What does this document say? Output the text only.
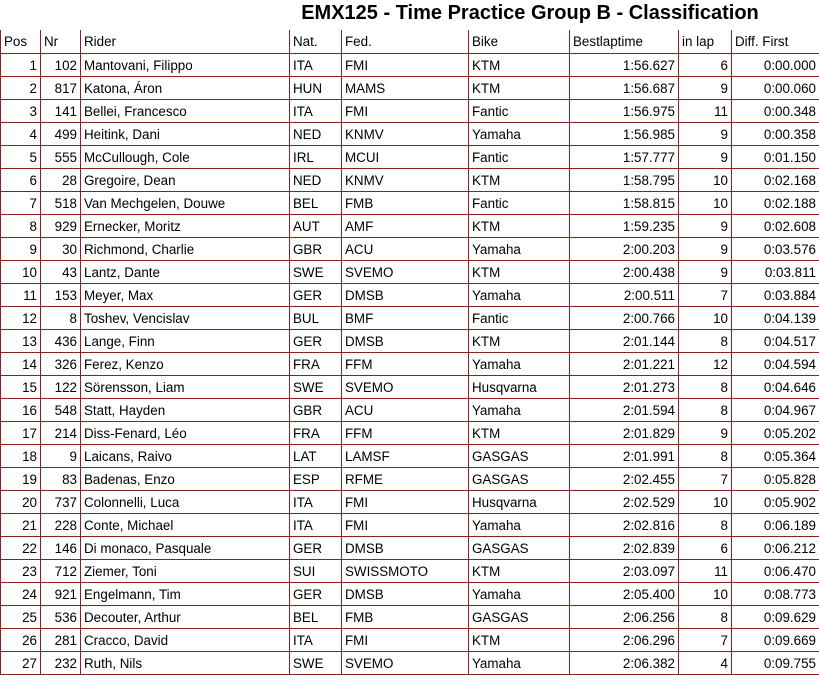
EMX125 - Time Practice Group B - Classification
Pos	Nr	Rider	Nat.	Fed.	Bike	Bestlaptime	in lap	Diff. First
1	102	Mantovani, Filippo	ITA	FMI	KTM	1:56.627	6	0:00.000
2	817	Katona, Áron	HUN	MAMS	KTM	1:56.687	9	0:00.060
3	141	Bellei, Francesco	ITA	FMI	Fantic	1:56.975	11	0:00.348
4	499	Heitink, Dani	NED	KNMV	Yamaha	1:56.985	9	0:00.358
5	555	McCullough, Cole	IRL	MCUI	Fantic	1:57.777	9	0:01.150
6	28	Gregoire, Dean	NED	KNMV	KTM	1:58.795	10	0:02.168
7	518	Van Mechgelen, Douwe	BEL	FMB	Fantic	1:58.815	10	0:02.188
8	929	Ernecker, Moritz	AUT	AMF	KTM	1:59.235	9	0:02.608
9	30	Richmond, Charlie	GBR	ACU	Yamaha	2:00.203	9	0:03.576
10	43	Lantz, Dante	SWE	SVEMO	KTM	2:00.438	9	0:03.811
11	153	Meyer, Max	GER	DMSB	Yamaha	2:00.511	7	0:03.884
12	8	Toshev, Vencislav	BUL	BMF	Fantic	2:00.766	10	0:04.139
13	436	Lange, Finn	GER	DMSB	KTM	2:01.144	8	0:04.517
14	326	Ferez, Kenzo	FRA	FFM	Yamaha	2:01.221	12	0:04.594
15	122	Sörensson, Liam	SWE	SVEMO	Husqvarna	2:01.273	8	0:04.646
16	548	Statt, Hayden	GBR	ACU	Yamaha	2:01.594	8	0:04.967
17	214	Diss-Fenard, Léo	FRA	FFM	KTM	2:01.829	9	0:05.202
18	9	Laicans, Raivo	LAT	LAMSF	GASGAS	2:01.991	8	0:05.364
19	83	Badenas, Enzo	ESP	RFME	GASGAS	2:02.455	7	0:05.828
20	737	Colonnelli, Luca	ITA	FMI	Husqvarna	2:02.529	10	0:05.902
21	228	Conte, Michael	ITA	FMI	Yamaha	2:02.816	8	0:06.189
22	146	Di monaco, Pasquale	GER	DMSB	GASGAS	2:02.839	6	0:06.212
23	712	Ziemer, Toni	SUI	SWISSMOTO	KTM	2:03.097	11	0:06.470
24	921	Engelmann, Tim	GER	DMSB	Yamaha	2:05.400	10	0:08.773
25	536	Decouter, Arthur	BEL	FMB	GASGAS	2:06.256	8	0:09.629
26	281	Cracco, David	ITA	FMI	KTM	2:06.296	7	0:09.669
27	232	Ruth, Nils	SWE	SVEMO	Yamaha	2:06.382	4	0:09.755
